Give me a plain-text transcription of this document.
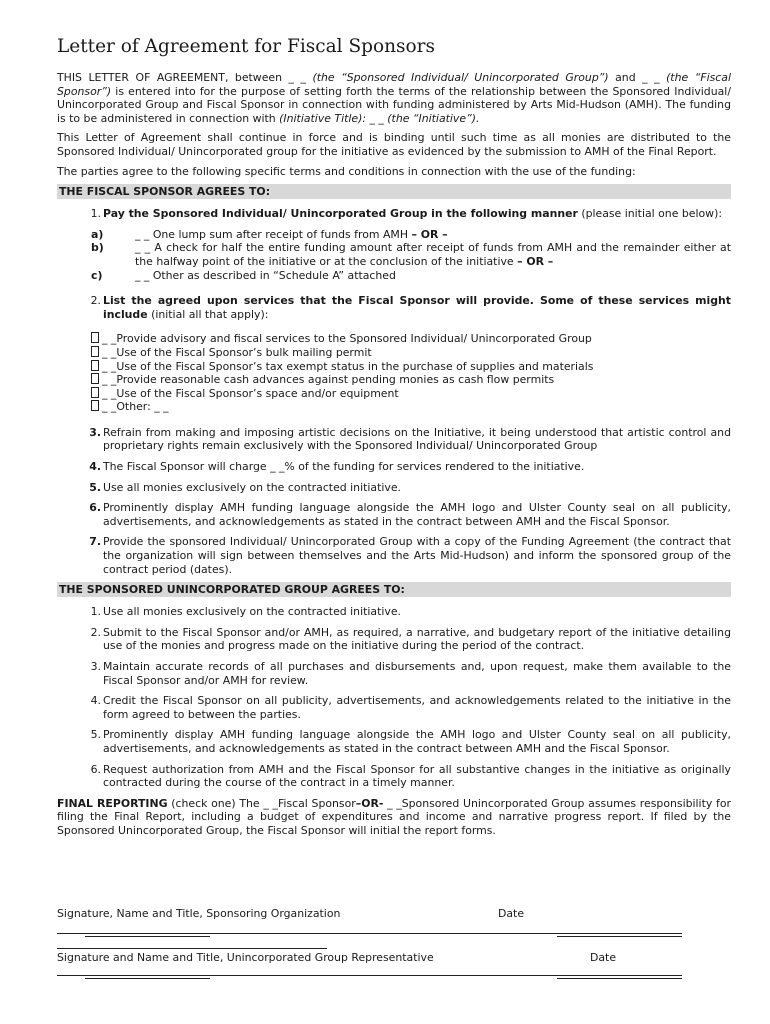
Letter of Agreement for Fiscal Sponsors

THIS LETTER OF AGREEMENT, between _ _ (the “Sponsored Individual/ Unincorporated Group”) and _ _ (the “Fiscal Sponsor”) is entered into for the purpose of setting forth the terms of the relationship between the Sponsored Individual/ Unincorporated Group and Fiscal Sponsor in connection with funding administered by Arts Mid-Hudson (AMH). The funding is to be administered in connection with (Initiative Title): _ _ (the “Initiative”).

This Letter of Agreement shall continue in force and is binding until such time as all monies are distributed to the Sponsored Individual/ Unincorporated group for the initiative as evidenced by the submission to AMH of the Final Report.

The parties agree to the following specific terms and conditions in connection with the use of the funding:

THE FISCAL SPONSOR AGREES TO:
1. Pay the Sponsored Individual/ Unincorporated Group in the following manner (please initial one below):
a)	_ _ One lump sum after receipt of funds from AMH – OR –
b)	_ _ A check for half the entire funding amount after receipt of funds from AMH and the remainder either at the halfway point of the initiative or at the conclusion of the initiative – OR –
c)	_ _ Other as described in “Schedule A” attached
2. List the agreed upon services that the Fiscal Sponsor will provide. Some of these services might include (initial all that apply):
_ _Provide advisory and fiscal services to the Sponsored Individual/ Unincorporated Group
_ _Use of the Fiscal Sponsor’s bulk mailing permit
_ _Use of the Fiscal Sponsor’s tax exempt status in the purchase of supplies and materials
_ _Provide reasonable cash advances against pending monies as cash flow permits
_ _Use of the Fiscal Sponsor’s space and/or equipment
_ _Other: _ _
3. Refrain from making and imposing artistic decisions on the Initiative, it being understood that artistic control and proprietary rights remain exclusively with the Sponsored Individual/ Unincorporated Group
4. The Fiscal Sponsor will charge _ _% of the funding for services rendered to the initiative.
5. Use all monies exclusively on the contracted initiative.
6. Prominently display AMH funding language alongside the AMH logo and Ulster County seal on all publicity, advertisements, and acknowledgements as stated in the contract between AMH and the Fiscal Sponsor.
7. Provide the sponsored Individual/ Unincorporated Group with a copy of the Funding Agreement (the contract that the organization will sign between themselves and the Arts Mid-Hudson) and inform the sponsored group of the contract period (dates).
THE SPONSORED UNINCORPORATED GROUP AGREES TO:
1. Use all monies exclusively on the contracted initiative.
2. Submit to the Fiscal Sponsor and/or AMH, as required, a narrative, and budgetary report of the initiative detailing use of the monies and progress made on the initiative during the period of the contract.
3. Maintain accurate records of all purchases and disbursements and, upon request, make them available to the Fiscal Sponsor and/or AMH for review.
4. Credit the Fiscal Sponsor on all publicity, advertisements, and acknowledgements related to the initiative in the form agreed to between the parties.
5. Prominently display AMH funding language alongside the AMH logo and Ulster County seal on all publicity, advertisements, and acknowledgements as stated in the contract between AMH and the Fiscal Sponsor.
6. Request authorization from AMH and the Fiscal Sponsor for all substantive changes in the initiative as originally contracted during the course of the contract in a timely manner.

FINAL REPORTING (check one) The _ _Fiscal Sponsor–OR- _ _Sponsored Unincorporated Group assumes responsibility for filing the Final Report, including a budget of expenditures and income and narrative progress report. If filed by the Sponsored Unincorporated Group, the Fiscal Sponsor will initial the report forms.

Signature, Name and Title, Sponsoring Organization	Date
Signature and Name and Title, Unincorporated Group Representative	Date
